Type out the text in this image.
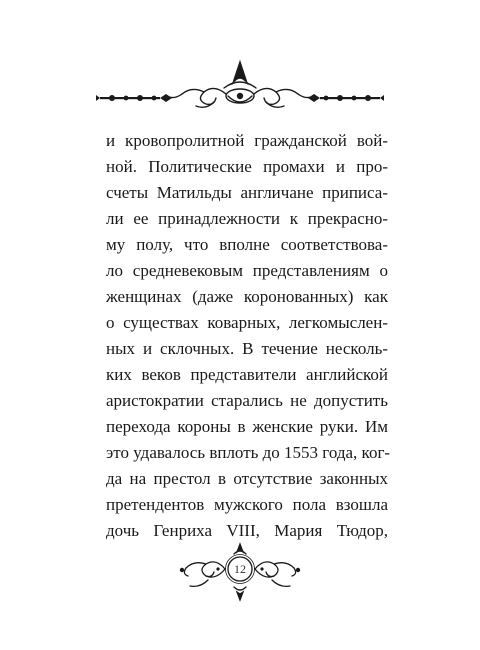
и кровопролитной гражданской вой-
ной. Политические промахи и про-
счеты Матильды англичане приписа-
ли ее принадлежности к прекрасно-
му полу, что вполне соответствова-
ло средневековым представлениям о
женщинах (даже коронованных) как
о существах коварных, легкомыслен-
ных и склочных. В течение несколь-
ких веков представители английской
аристократии старались не допустить
перехода короны в женские руки. Им
это удавалось вплоть до 1553 года, ког-
да на престол в отсутствие законных
претендентов мужского пола взошла
дочь Генриха VIII, Мария Тюдор,
12
